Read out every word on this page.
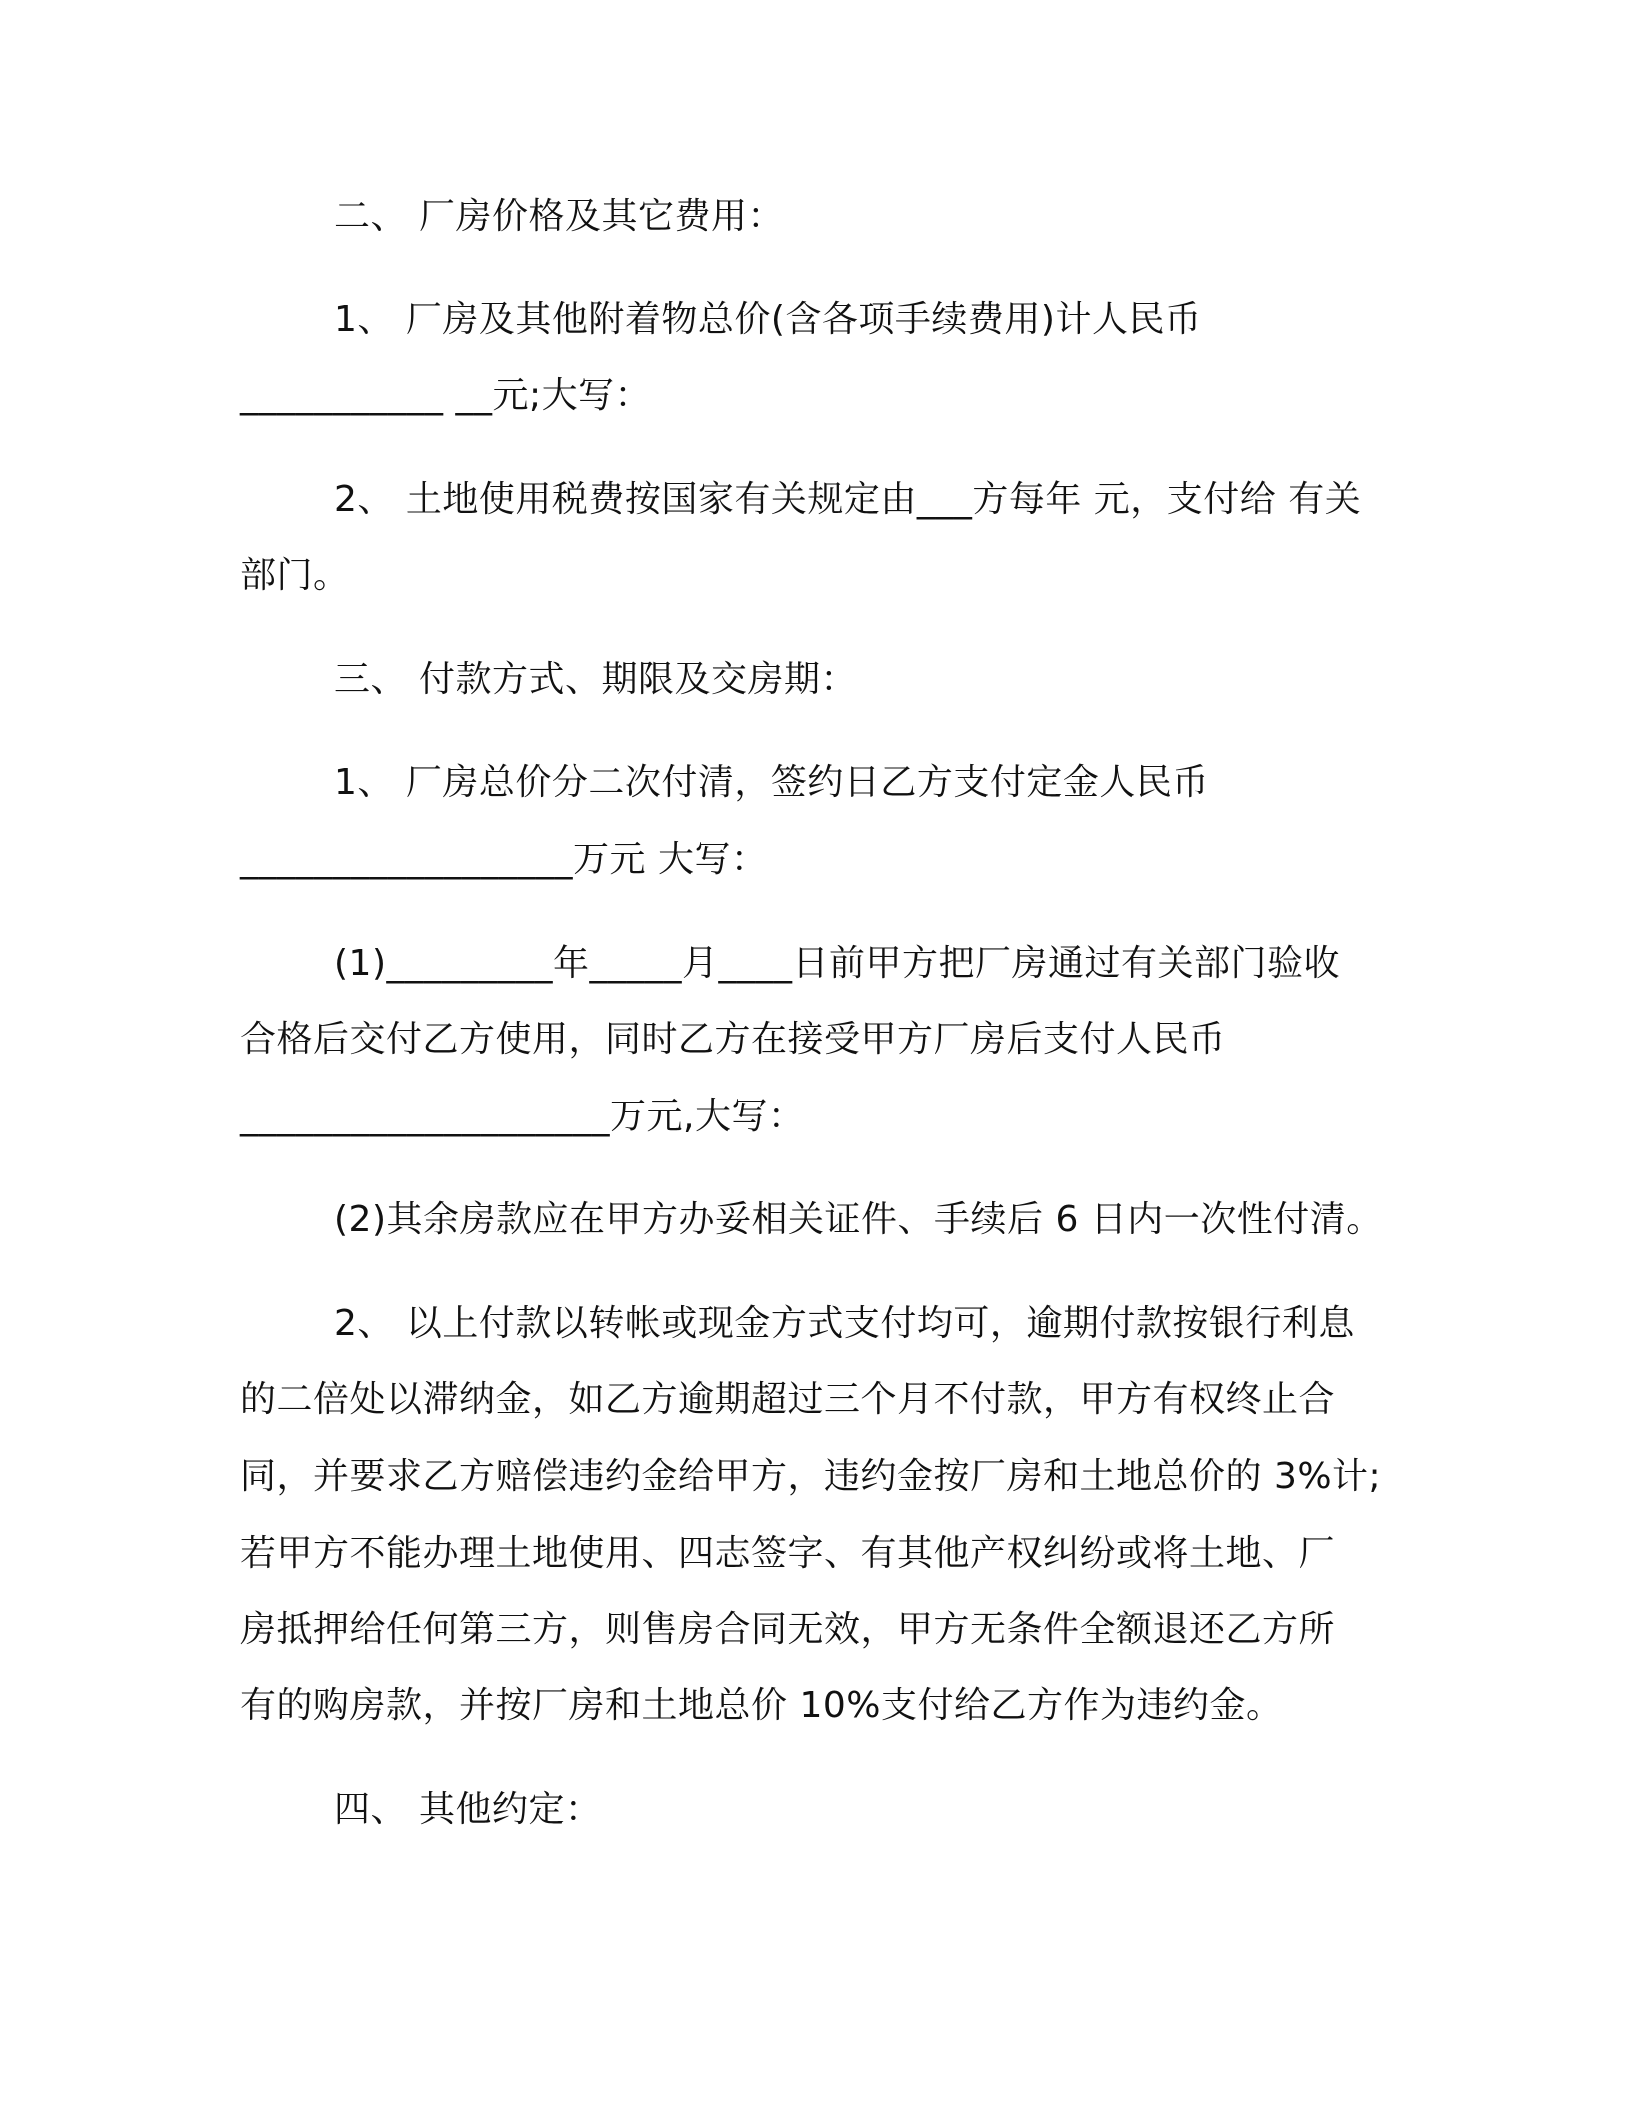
二、 厂房价格及其它费用：

1、 厂房及其他附着物总价(含各项手续费用)计人民币

___________ __元;大写：

2、 土地使用税费按国家有关规定由___方每年 元，支付给 有关

部门。

三、 付款方式、期限及交房期：

1、 厂房总价分二次付清，签约日乙方支付定金人民币

__________________万元 大写：

(1)_________年_____月____日前甲方把厂房通过有关部门验收

合格后交付乙方使用，同时乙方在接受甲方厂房后支付人民币

____________________万元,大写：

(2)其余房款应在甲方办妥相关证件、手续后 6 日内一次性付清。

2、 以上付款以转帐或现金方式支付均可，逾期付款按银行利息

的二倍处以滞纳金，如乙方逾期超过三个月不付款，甲方有权终止合

同，并要求乙方赔偿违约金给甲方，违约金按厂房和土地总价的 3%计;

若甲方不能办理土地使用、四志签字、有其他产权纠纷或将土地、厂

房抵押给任何第三方，则售房合同无效，甲方无条件全额退还乙方所

有的购房款，并按厂房和土地总价 10%支付给乙方作为违约金。

四、 其他约定：
